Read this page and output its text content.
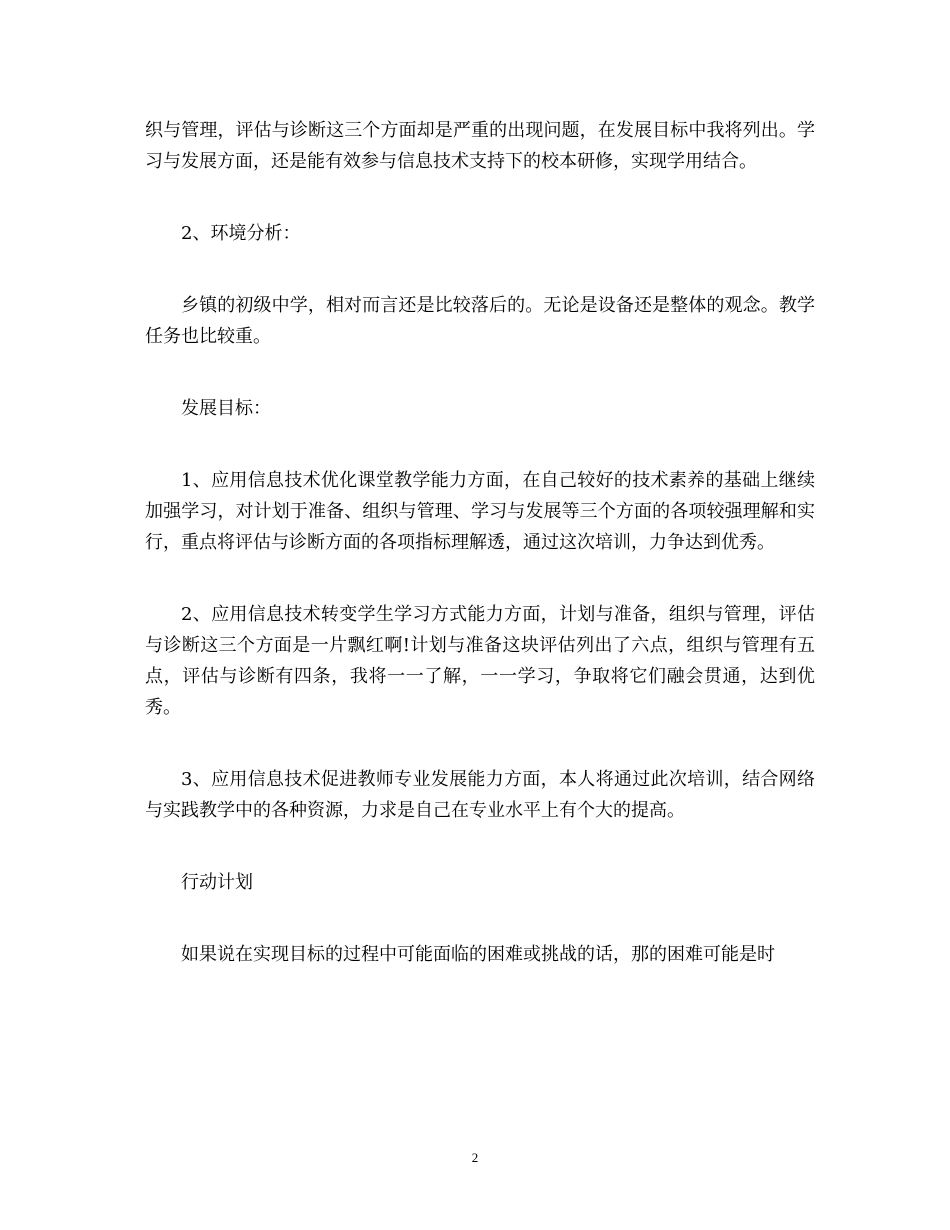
织与管理，评估与诊断这三个方面却是严重的出现问题，在发展目标中我将列出。学习与发展方面，还是能有效参与信息技术支持下的校本研修，实现学用结合。

2、环境分析：

乡镇的初级中学，相对而言还是比较落后的。无论是设备还是整体的观念。教学任务也比较重。

发展目标：

1、应用信息技术优化课堂教学能力方面，在自己较好的技术素养的基础上继续加强学习，对计划于准备、组织与管理、学习与发展等三个方面的各项较强理解和实行，重点将评估与诊断方面的各项指标理解透，通过这次培训，力争达到优秀。

2、应用信息技术转变学生学习方式能力方面，计划与准备，组织与管理，评估与诊断这三个方面是一片飘红啊!计划与准备这块评估列出了六点，组织与管理有五点，评估与诊断有四条，我将一一了解，一一学习，争取将它们融会贯通，达到优秀。

3、应用信息技术促进教师专业发展能力方面，本人将通过此次培训，结合网络与实践教学中的各种资源，力求是自己在专业水平上有个大的提高。

行动计划

如果说在实现目标的过程中可能面临的困难或挑战的话，那的困难可能是时

2
